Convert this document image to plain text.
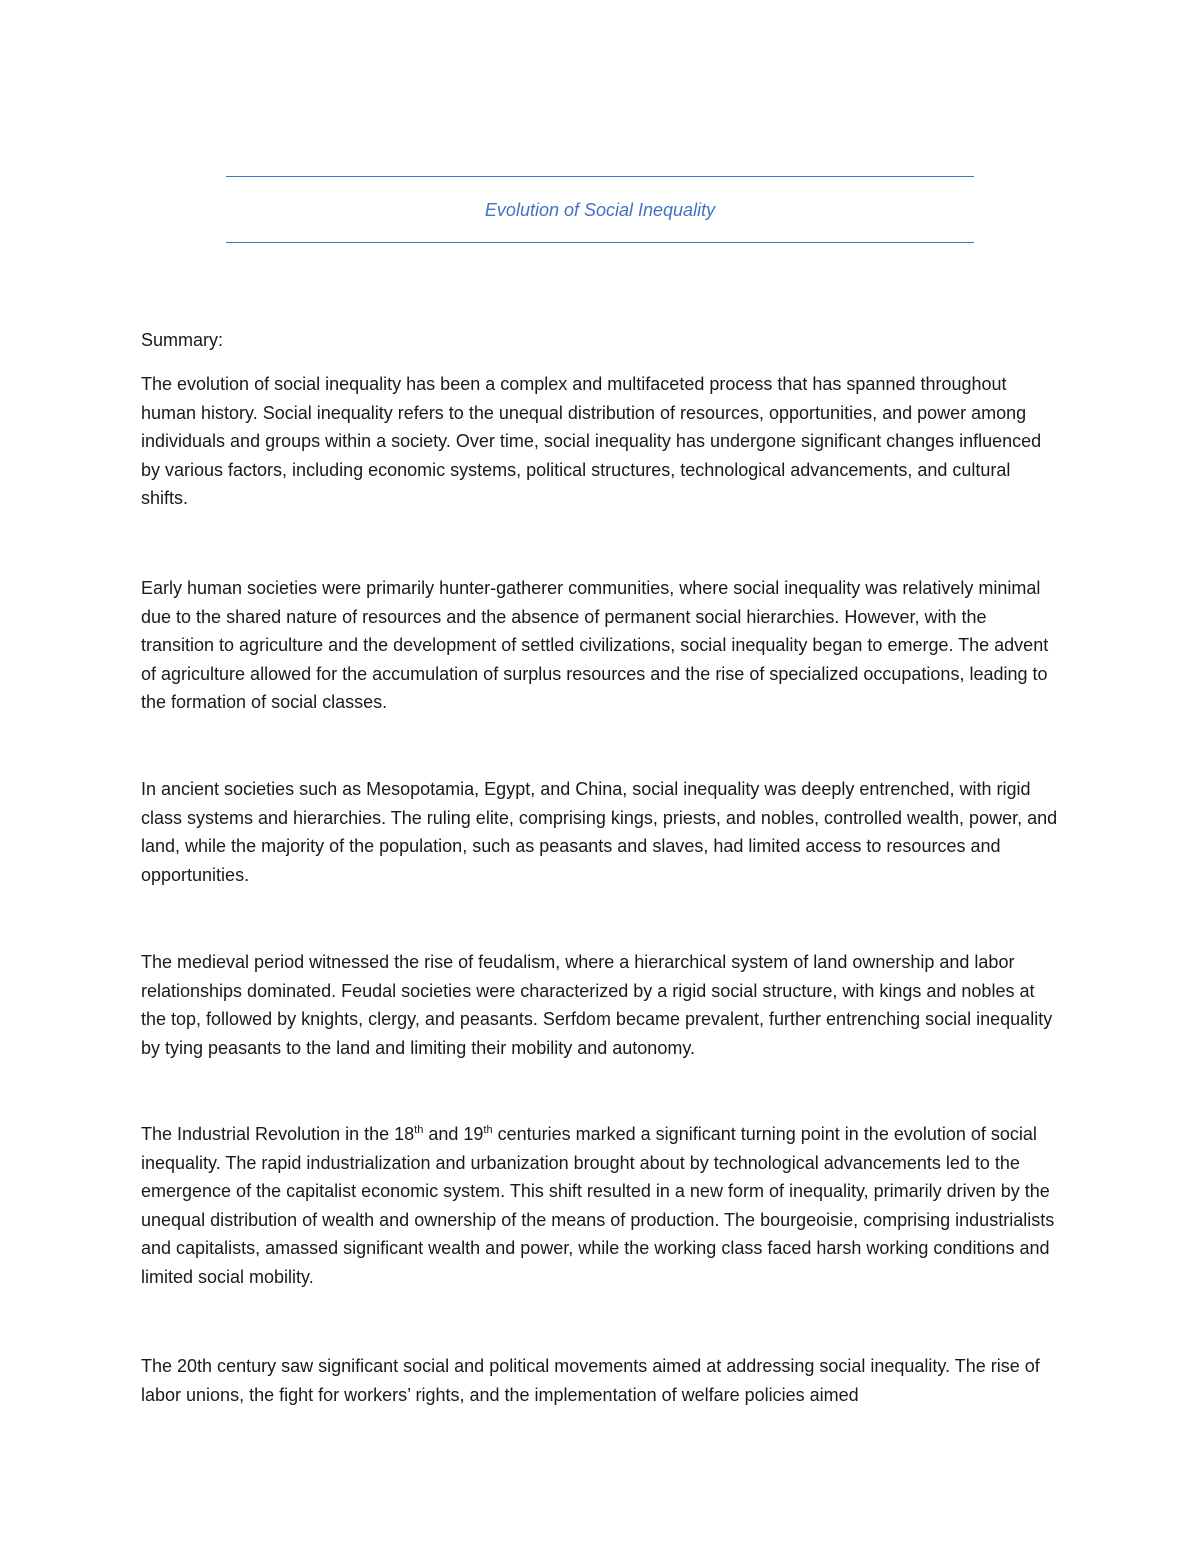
Evolution of Social Inequality

Summary:

The evolution of social inequality has been a complex and multifaceted process that has spanned throughout human history. Social inequality refers to the unequal distribution of resources, opportunities, and power among individuals and groups within a society. Over time, social inequality has undergone significant changes influenced by various factors, including economic systems, political structures, technological advancements, and cultural shifts.

Early human societies were primarily hunter-gatherer communities, where social inequality was relatively minimal due to the shared nature of resources and the absence of permanent social hierarchies. However, with the transition to agriculture and the development of settled civilizations, social inequality began to emerge. The advent of agriculture allowed for the accumulation of surplus resources and the rise of specialized occupations, leading to the formation of social classes.

In ancient societies such as Mesopotamia, Egypt, and China, social inequality was deeply entrenched, with rigid class systems and hierarchies. The ruling elite, comprising kings, priests, and nobles, controlled wealth, power, and land, while the majority of the population, such as peasants and slaves, had limited access to resources and opportunities.

The medieval period witnessed the rise of feudalism, where a hierarchical system of land ownership and labor relationships dominated. Feudal societies were characterized by a rigid social structure, with kings and nobles at the top, followed by knights, clergy, and peasants. Serfdom became prevalent, further entrenching social inequality by tying peasants to the land and limiting their mobility and autonomy.

The Industrial Revolution in the 18th and 19th centuries marked a significant turning point in the evolution of social inequality. The rapid industrialization and urbanization brought about by technological advancements led to the emergence of the capitalist economic system. This shift resulted in a new form of inequality, primarily driven by the unequal distribution of wealth and ownership of the means of production. The bourgeoisie, comprising industrialists and capitalists, amassed significant wealth and power, while the working class faced harsh working conditions and limited social mobility.

The 20th century saw significant social and political movements aimed at addressing social inequality. The rise of labor unions, the fight for workers’ rights, and the implementation of welfare policies aimed
